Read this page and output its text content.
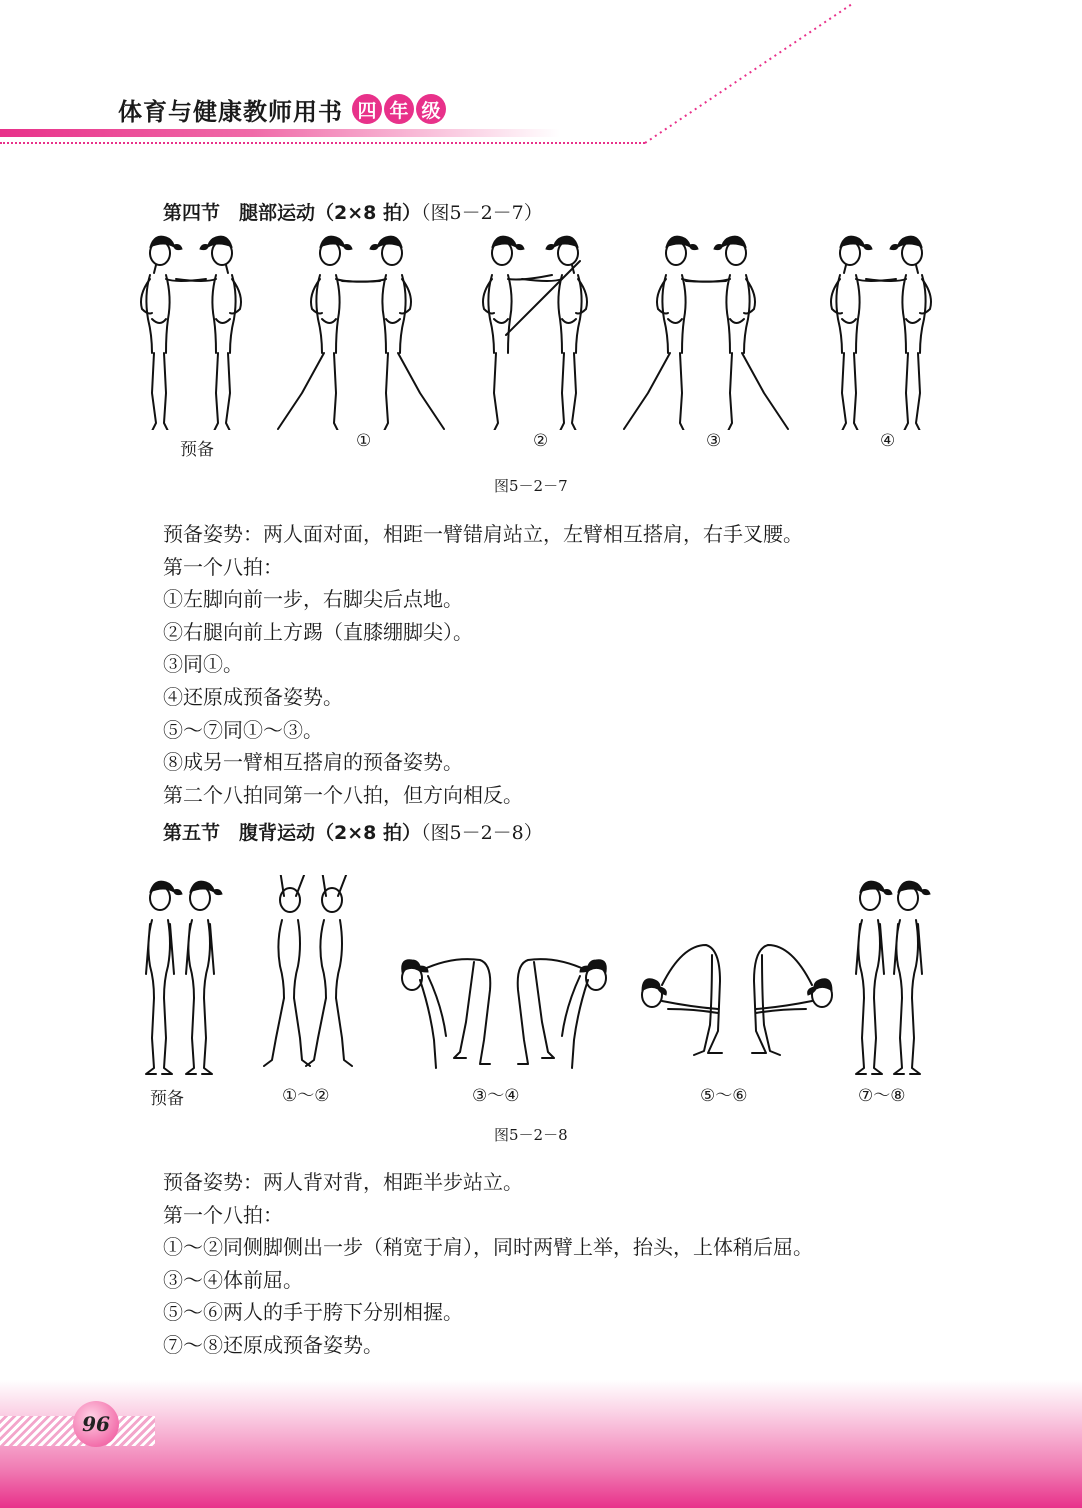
体育与健康教师用书 四 年 级
第四节　腿部运动（2×8 拍）（图5－2－7）
预备	①	②	③	④
图5－2－7
预备姿势：两人面对面，相距一臂错肩站立，左臂相互搭肩，右手叉腰。
第一个八拍：
①左脚向前一步，右脚尖后点地。
②右腿向前上方踢（直膝绷脚尖）。
③同①。
④还原成预备姿势。
⑤～⑦同①～③。
⑧成另一臂相互搭肩的预备姿势。
第二个八拍同第一个八拍，但方向相反。
第五节　腹背运动（2×8 拍）（图5－2－8）
预备	①～②	③～④	⑤～⑥	⑦～⑧
图5－2－8
预备姿势：两人背对背，相距半步站立。
第一个八拍：
①～②同侧脚侧出一步（稍宽于肩），同时两臂上举，抬头，上体稍后屈。
③～④体前屈。
⑤～⑥两人的手于胯下分别相握。
⑦～⑧还原成预备姿势。
96
